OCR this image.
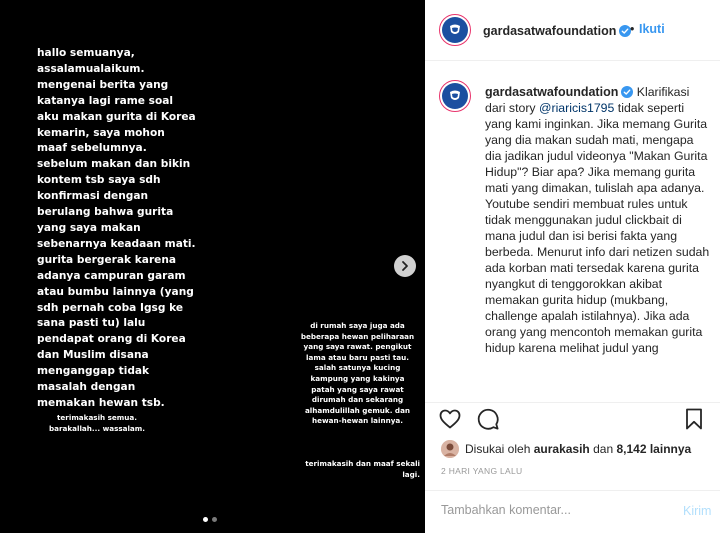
hallo semuanya, assalamualaikum. mengenai berita yang katanya lagi rame soal aku makan gurita di Korea kemarin, saya mohon maaf sebelumnya. sebelum makan dan bikin kontem tsb saya sdh konfirmasi dengan berulang bahwa gurita yang saya makan sebenarnya keadaan mati. gurita bergerak karena adanya campuran garam atau bumbu lainnya (yang sdh pernah coba Igsg ke sana pasti tu) lalu pendapat orang di Korea dan Muslim disana menganggap tidak masalah dengan memakan hewan tsb.

terimakasih semua. barakallah... wassalam.

di rumah saya juga ada beberapa hewan peliharaan yang saya rawat. pengikut lama atau baru pasti tau. salah satunya kucing kampung yang kakinya patah yang saya rawat dirumah dan sekarang alhamdulillah gemuk. dan hewan-hewan lainnya.

terimakasih dan maaf sekali lagi.

gardasatwafoundation	• Ikuti

gardasatwafoundation Klarifikasi dari story @riaricis1795 tidak seperti yang kami inginkan. Jika memang Gurita yang dia makan sudah mati, mengapa dia jadikan judul videonya "Makan Gurita Hidup"? Biar apa? Jika memang gurita mati yang dimakan, tulislah apa adanya. Youtube sendiri membuat rules untuk tidak menggunakan judul clickbait di mana judul dan isi berisi fakta yang berbeda. Menurut info dari netizen sudah ada korban mati tersedak karena gurita nyangkut di tenggorokkan akibat memakan gurita hidup (mukbang, challenge apalah istilahnya). Jika ada orang yang mencontoh memakan gurita hidup karena melihat judul yang

Disukai oleh aurakasih dan 8,142 lainnya
2 HARI YANG LALU
Tambahkan komentar...
Kirim
